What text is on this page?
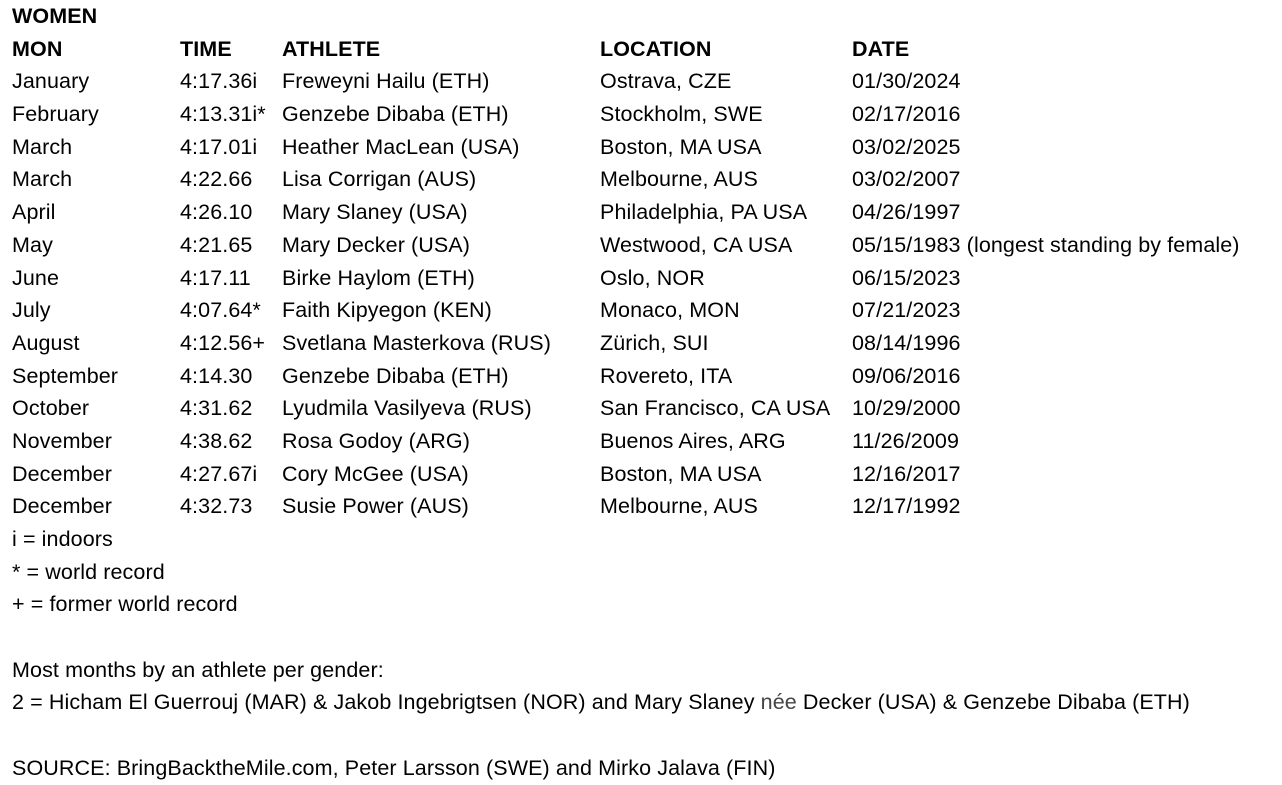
WOMEN
MON	TIME ATHLETE	LOCATION	DATE
January	4:17.36i Freweyni Hailu (ETH)	Ostrava, CZE	01/30/2024
February	4:13.31i* Genzebe Dibaba (ETH)	Stockholm, SWE	02/17/2016
March	4:17.01i Heather MacLean (USA)	Boston, MA USA	03/02/2025
March	4:22.66 Lisa Corrigan (AUS)	Melbourne, AUS	03/02/2007
April	4:26.10 Mary Slaney (USA)	Philadelphia, PA USA 04/26/1997
May	4:21.65 Mary Decker (USA)	Westwood, CA USA	05/15/1983 (longest standing by female)
June	4:17.11 Birke Haylom (ETH)	Oslo, NOR	06/15/2023
July	4:07.64* Faith Kipyegon (KEN)	Monaco, MON	07/21/2023
August	4:12.56+ Svetlana Masterkova (RUS) Zürich, SUI	08/14/1996
September	4:14.30 Genzebe Dibaba (ETH)	Rovereto, ITA	09/06/2016
October	4:31.62 Lyudmila Vasilyeva (RUS)	San Francisco, CA USA 10/29/2000
November	4:38.62 Rosa Godoy (ARG)	Buenos Aires, ARG	11/26/2009
December	4:27.67i Cory McGee (USA)	Boston, MA USA	12/16/2017
December	4:32.73 Susie Power (AUS)	Melbourne, AUS	12/17/1992
i = indoors
* = world record
+ = former world record
Most months by an athlete per gender:
2 = Hicham El Guerrouj (MAR) & Jakob Ingebrigtsen (NOR) and Mary Slaney née Decker (USA) & Genzebe Dibaba (ETH)
SOURCE: BringBacktheMile.com, Peter Larsson (SWE) and Mirko Jalava (FIN)
